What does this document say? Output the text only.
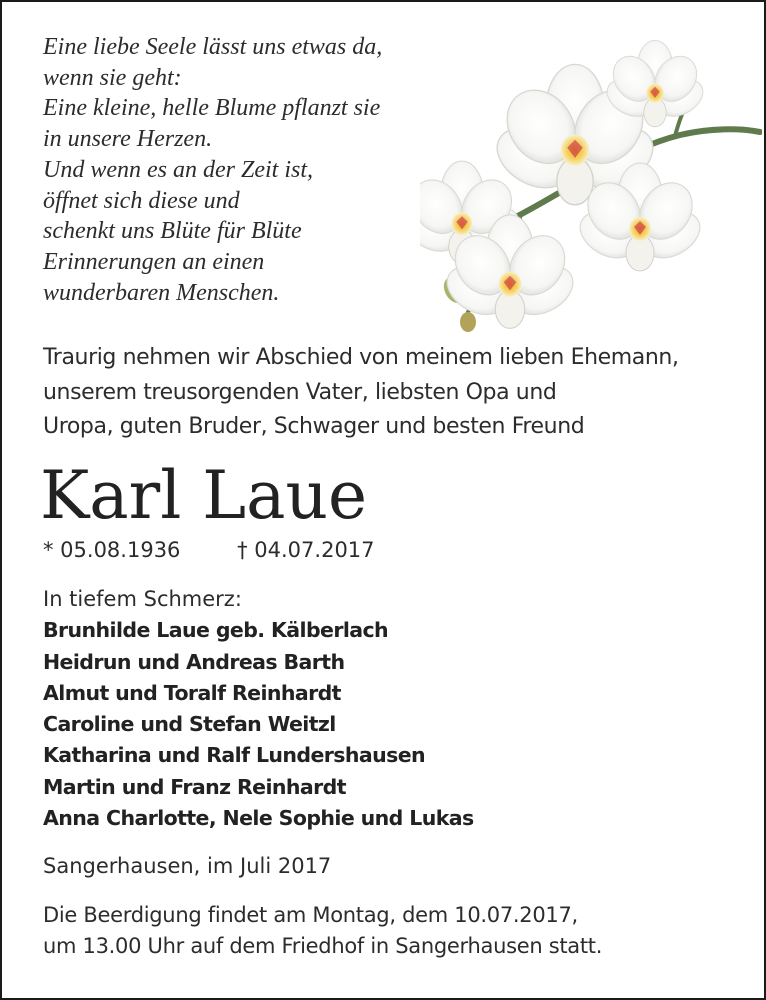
Eine liebe Seele lässt uns etwas da,
wenn sie geht:
Eine kleine, helle Blume pflanzt sie
in unsere Herzen.
Und wenn es an der Zeit ist,
öffnet sich diese und
schenkt uns Blüte für Blüte
Erinnerungen an einen
wunderbaren Menschen.
Traurig nehmen wir Abschied von meinem lieben Ehemann,
unserem treusorgenden Vater, liebsten Opa und
Uropa, guten Bruder, Schwager und besten Freund
Karl Laue
* 05.08.1936	† 04.07.2017
In tiefem Schmerz:
Brunhilde Laue geb. Kälberlach
Heidrun und Andreas Barth
Almut und Toralf Reinhardt
Caroline und Stefan Weitzl
Katharina und Ralf Lundershausen
Martin und Franz Reinhardt
Anna Charlotte, Nele Sophie und Lukas
Sangerhausen, im Juli 2017
Die Beerdigung findet am Montag, dem 10.07.2017,
um 13.00 Uhr auf dem Friedhof in Sangerhausen statt.
